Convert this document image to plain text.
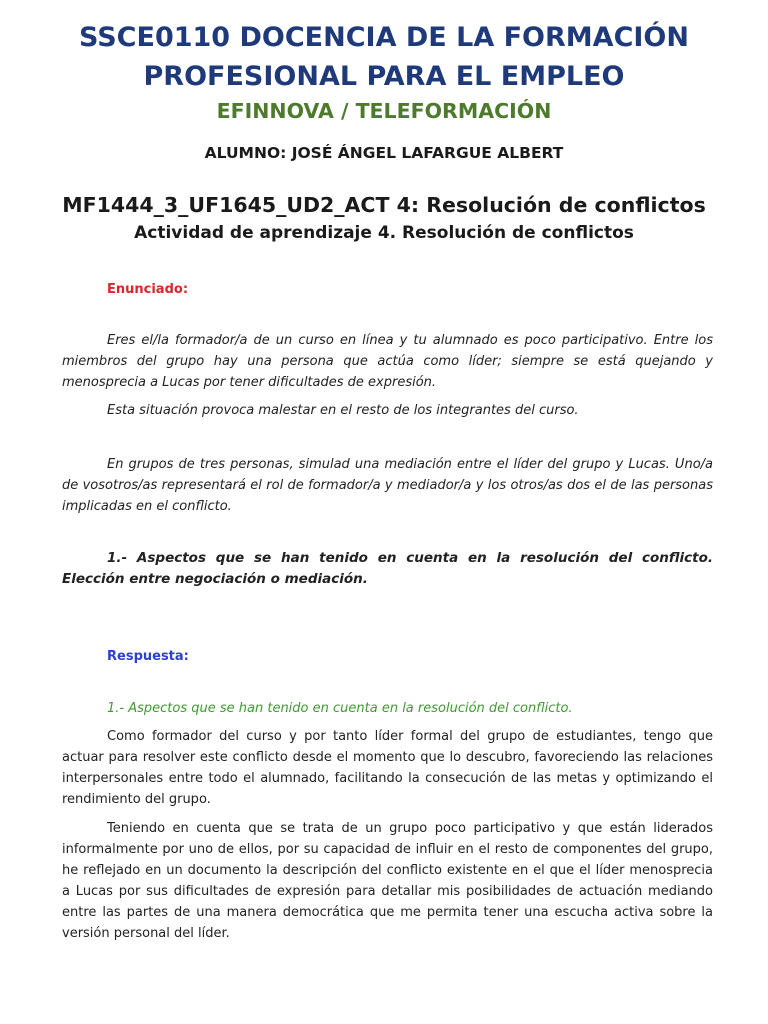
SSCE0110 DOCENCIA DE LA FORMACIÓN PROFESIONAL PARA EL EMPLEO
EFINNOVA / TELEFORMACIÓN
ALUMNO: JOSÉ ÁNGEL LAFARGUE ALBERT
MF1444_3_UF1645_UD2_ACT 4: Resolución de conflictos
Actividad de aprendizaje 4. Resolución de conflictos
Enunciado:

Eres el/la formador/a de un curso en línea y tu alumnado es poco participativo. Entre los miembros del grupo hay una persona que actúa como líder; siempre se está quejando y menosprecia a Lucas por tener dificultades de expresión.

Esta situación provoca malestar en el resto de los integrantes del curso.

En grupos de tres personas, simulad una mediación entre el líder del grupo y Lucas. Uno/a de vosotros/as representará el rol de formador/a y mediador/a y los otros/as dos el de las personas implicadas en el conflicto.

1.- Aspectos que se han tenido en cuenta en la resolución del conflicto. Elección entre negociación o mediación.

Respuesta:

1.- Aspectos que se han tenido en cuenta en la resolución del conflicto.

Como formador del curso y por tanto líder formal del grupo de estudiantes, tengo que actuar para resolver este conflicto desde el momento que lo descubro, favoreciendo las relaciones interpersonales entre todo el alumnado, facilitando la consecución de las metas y optimizando el rendimiento del grupo.

Teniendo en cuenta que se trata de un grupo poco participativo y que están liderados informalmente por uno de ellos, por su capacidad de influir en el resto de componentes del grupo, he reflejado en un documento la descripción del conflicto existente en el que el líder menosprecia a Lucas por sus dificultades de expresión para detallar mis posibilidades de actuación mediando entre las partes de una manera democrática que me permita tener una escucha activa sobre la versión personal del líder.
